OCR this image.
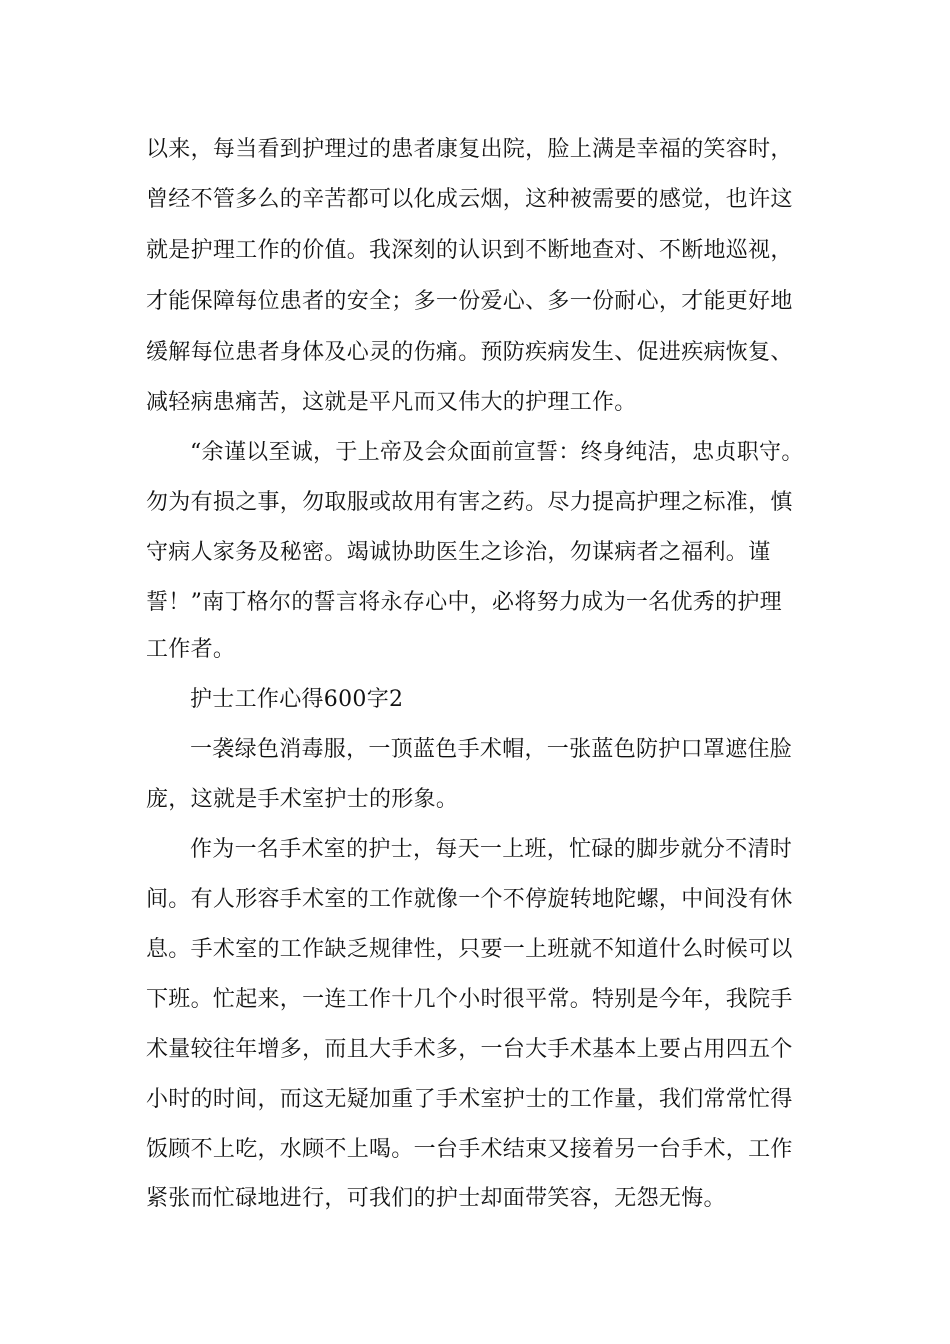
以来，每当看到护理过的患者康复出院，脸上满是幸福的笑容时，
曾经不管多么的辛苦都可以化成云烟，这种被需要的感觉，也许这
就是护理工作的价值。我深刻的认识到不断地查对、不断地巡视，
才能保障每位患者的安全；多一份爱心、多一份耐心，才能更好地
缓解每位患者身体及心灵的伤痛。预防疾病发生、促进疾病恢复、
减轻病患痛苦，这就是平凡而又伟大的护理工作。
“余谨以至诚，于上帝及会众面前宣誓：终身纯洁，忠贞职守。
勿为有损之事，勿取服或故用有害之药。尽力提高护理之标准，慎
守病人家务及秘密。竭诚协助医生之诊治，勿谋病者之福利。谨
誓！”南丁格尔的誓言将永存心中，必将努力成为一名优秀的护理
工作者。
护士工作心得600字2
一袭绿色消毒服，一顶蓝色手术帽，一张蓝色防护口罩遮住脸
庞，这就是手术室护士的形象。
作为一名手术室的护士，每天一上班，忙碌的脚步就分不清时
间。有人形容手术室的工作就像一个不停旋转地陀螺，中间没有休
息。手术室的工作缺乏规律性，只要一上班就不知道什么时候可以
下班。忙起来，一连工作十几个小时很平常。特别是今年，我院手
术量较往年增多，而且大手术多，一台大手术基本上要占用四五个
小时的时间，而这无疑加重了手术室护士的工作量，我们常常忙得
饭顾不上吃，水顾不上喝。一台手术结束又接着另一台手术，工作
紧张而忙碌地进行，可我们的护士却面带笑容，无怨无悔。
